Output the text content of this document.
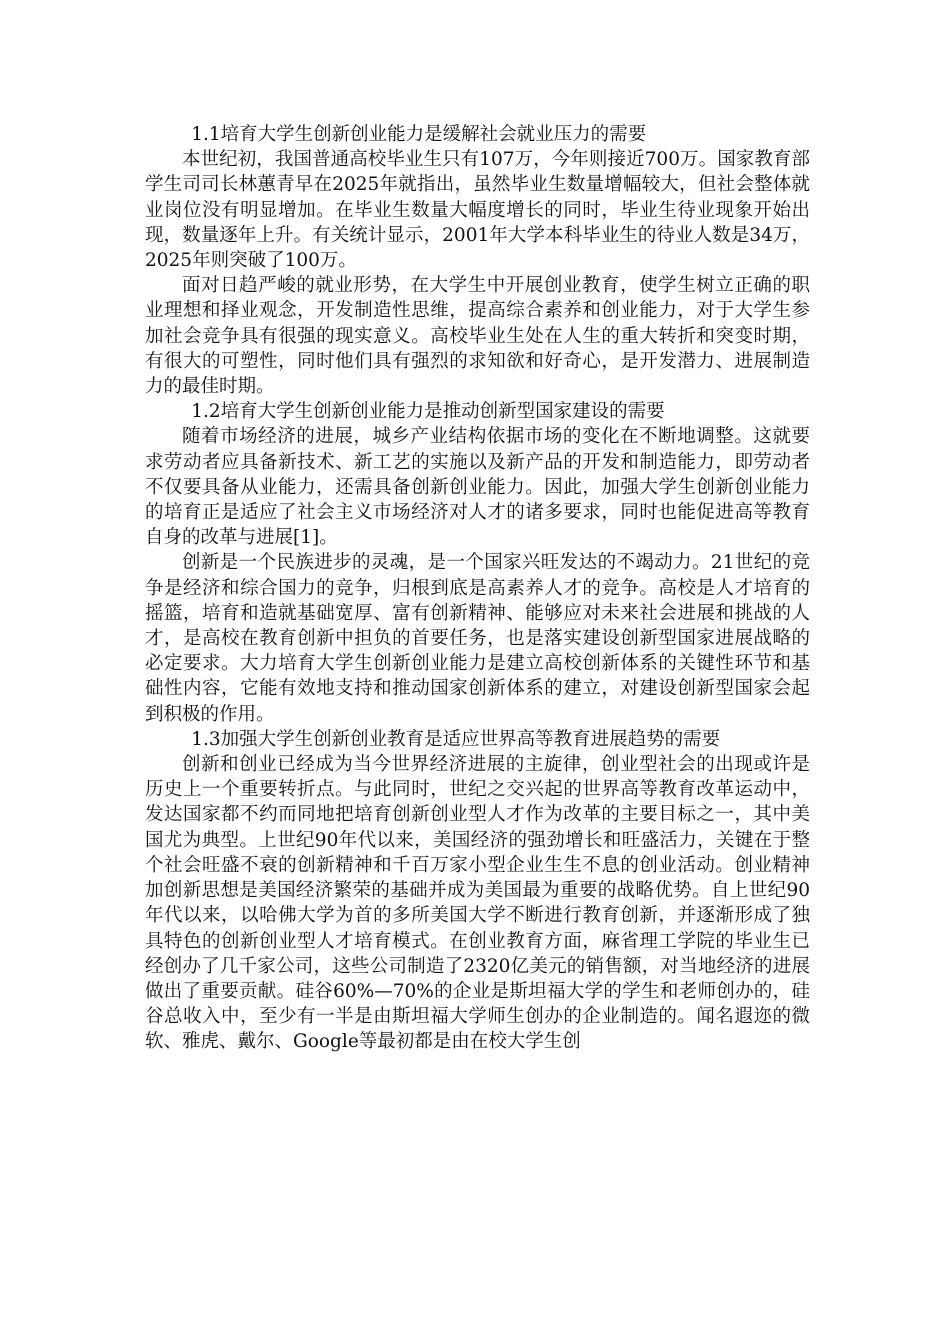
1.1培育大学生创新创业能力是缓解社会就业压力的需要

本世纪初，我国普通高校毕业生只有107万，今年则接近700万。国家教育部学生司司长林蕙青早在2025年就指出，虽然毕业生数量增幅较大，但社会整体就业岗位没有明显增加。在毕业生数量大幅度增长的同时，毕业生待业现象开始出现，数量逐年上升。有关统计显示，2001年大学本科毕业生的待业人数是34万，2025年则突破了100万。

面对日趋严峻的就业形势，在大学生中开展创业教育，使学生树立正确的职业理想和择业观念，开发制造性思维，提高综合素养和创业能力，对于大学生参加社会竞争具有很强的现实意义。高校毕业生处在人生的重大转折和突变时期，有很大的可塑性，同时他们具有强烈的求知欲和好奇心，是开发潜力、进展制造力的最佳时期。

1.2培育大学生创新创业能力是推动创新型国家建设的需要

随着市场经济的进展，城乡产业结构依据市场的变化在不断地调整。这就要求劳动者应具备新技术、新工艺的实施以及新产品的开发和制造能力，即劳动者不仅要具备从业能力，还需具备创新创业能力。因此，加强大学生创新创业能力的培育正是适应了社会主义市场经济对人才的诸多要求，同时也能促进高等教育自身的改革与进展[1]。

创新是一个民族进步的灵魂，是一个国家兴旺发达的不竭动力。21世纪的竞争是经济和综合国力的竞争，归根到底是高素养人才的竞争。高校是人才培育的摇篮，培育和造就基础宽厚、富有创新精神、能够应对未来社会进展和挑战的人才，是高校在教育创新中担负的首要任务，也是落实建设创新型国家进展战略的必定要求。大力培育大学生创新创业能力是建立高校创新体系的关键性环节和基础性内容，它能有效地支持和推动国家创新体系的建立，对建设创新型国家会起到积极的作用。

1.3加强大学生创新创业教育是适应世界高等教育进展趋势的需要

创新和创业已经成为当今世界经济进展的主旋律，创业型社会的出现或许是历史上一个重要转折点。与此同时，世纪之交兴起的世界高等教育改革运动中，发达国家都不约而同地把培育创新创业型人才作为改革的主要目标之一，其中美国尤为典型。上世纪90年代以来，美国经济的强劲增长和旺盛活力，关键在于整个社会旺盛不衰的创新精神和千百万家小型企业生生不息的创业活动。创业精神加创新思想是美国经济繁荣的基础并成为美国最为重要的战略优势。自上世纪90年代以来，以哈佛大学为首的多所美国大学不断进行教育创新，并逐渐形成了独具特色的创新创业型人才培育模式。在创业教育方面，麻省理工学院的毕业生已经创办了几千家公司，这些公司制造了2320亿美元的销售额，对当地经济的进展做出了重要贡献。硅谷60%—70%的企业是斯坦福大学的学生和老师创办的，硅谷总收入中，至少有一半是由斯坦福大学师生创办的企业制造的。闻名遐迩的微软、雅虎、戴尔、Google等最初都是由在校大学生创
